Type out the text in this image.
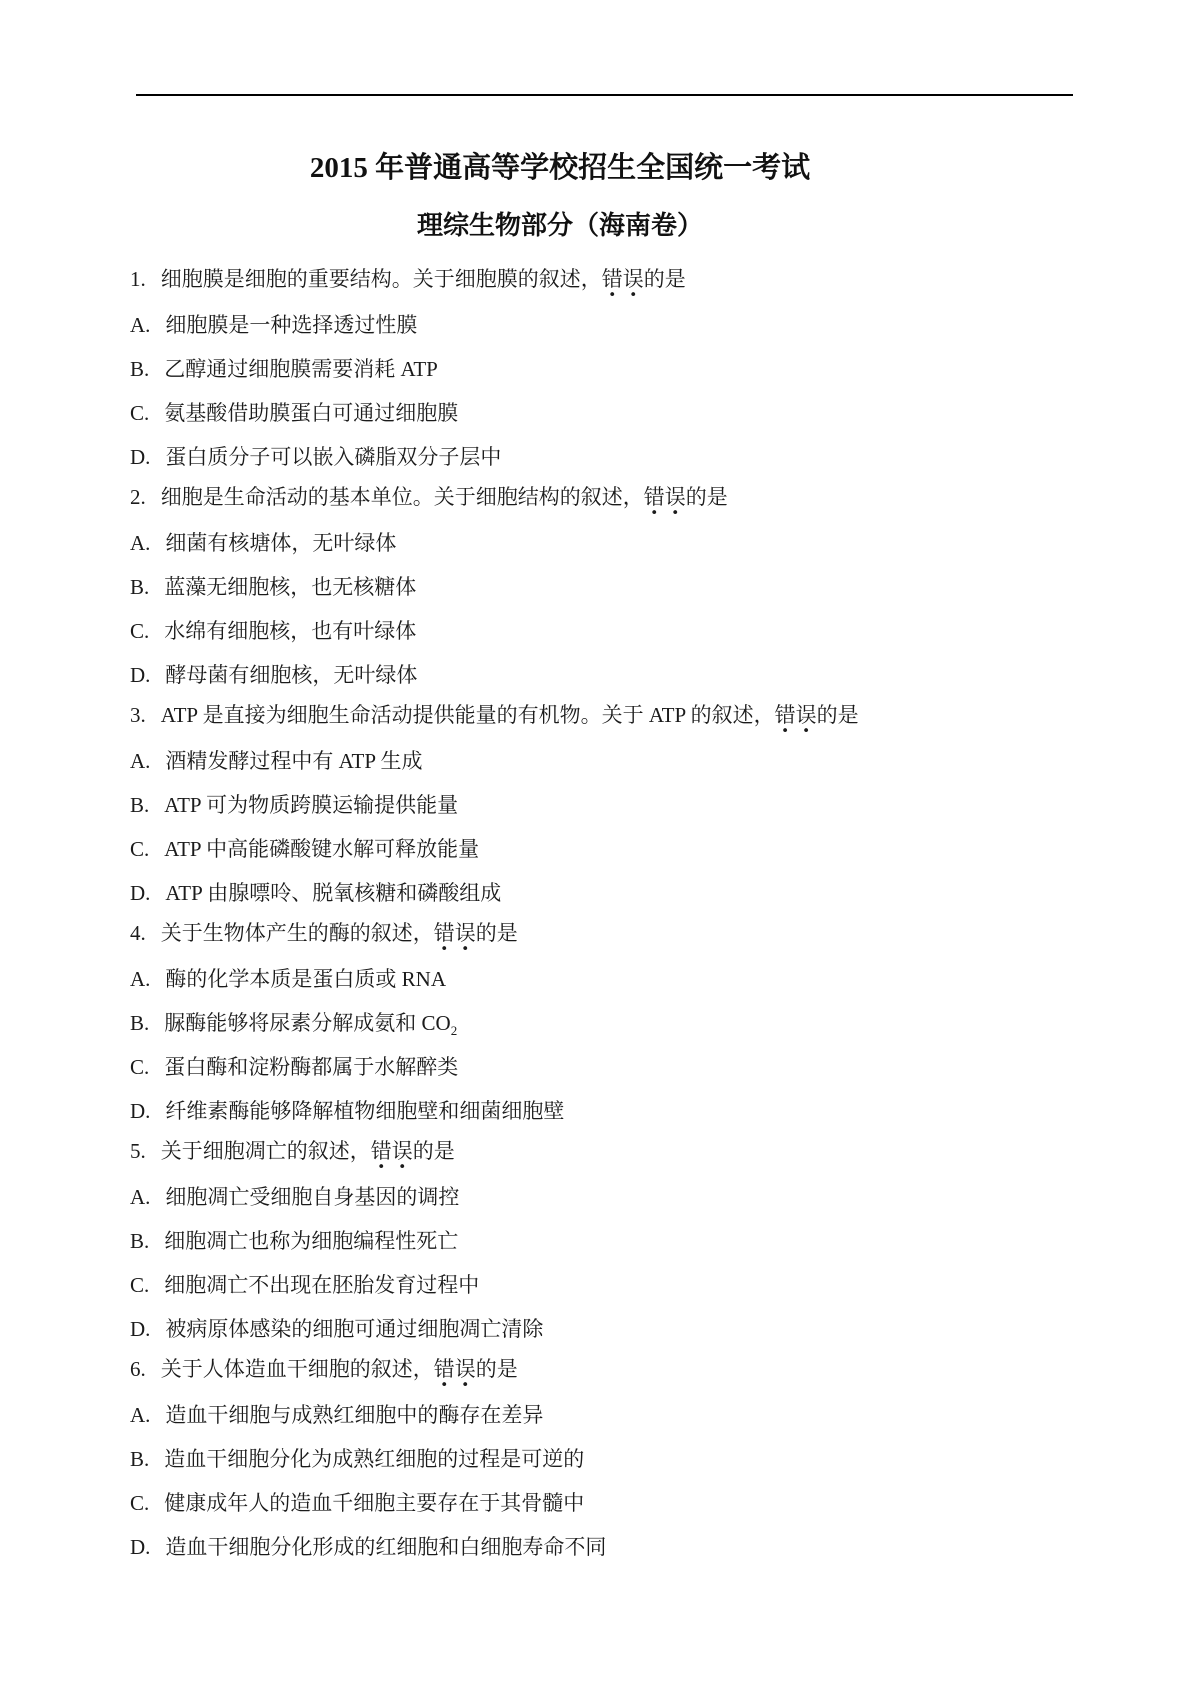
2015 年普通高等学校招生全国统一考试
理综生物部分（海南卷）

1. 细胞膜是细胞的重要结构。关于细胞膜的叙述，错误 ・・的是

A. 细胞膜是一种选择透过性膜

B. 乙醇通过细胞膜需要消耗 ATP

C. 氨基酸借助膜蛋白可通过细胞膜

D. 蛋白质分子可以嵌入磷脂双分子层中

2. 细胞是生命活动的基本单位。关于细胞结构的叙述，错误 ・・的是

A. 细菌有核塘体，无叶绿体

B. 蓝藻无细胞核，也无核糖体

C. 水绵有细胞核，也有叶绿体

D. 酵母菌有细胞核，无叶绿体

3. ATP 是直接为细胞生命活动提供能量的有机物。关于 ATP 的叙述，错误 ・・的是

A. 酒精发酵过程中有 ATP 生成

B. ATP 可为物质跨膜运输提供能量

C. ATP 中高能磷酸键水解可释放能量

D. ATP 由腺嘌呤、脱氧核糖和磷酸组成

4. 关于生物体产生的酶的叙述，错误 ・・的是

A. 酶的化学本质是蛋白质或 RNA

B. 脲酶能够将尿素分解成氨和 $CO_2$

C. 蛋白酶和淀粉酶都属于水解醉类

D. 纤维素酶能够降解植物细胞壁和细菌细胞壁

5. 关于细胞凋亡的叙述，错误 ・・的是

A. 细胞凋亡受细胞自身基因的调控

B. 细胞凋亡也称为细胞编程性死亡

C. 细胞凋亡不出现在胚胎发育过程中

D. 被病原体感染的细胞可通过细胞凋亡清除

6. 关于人体造血干细胞的叙述，错误 ・・的是

A. 造血干细胞与成熟红细胞中的酶存在差异

B. 造血干细胞分化为成熟红细胞的过程是可逆的

C. 健康成年人的造血千细胞主要存在于其骨髓中

D. 造血干细胞分化形成的红细胞和白细胞寿命不同
